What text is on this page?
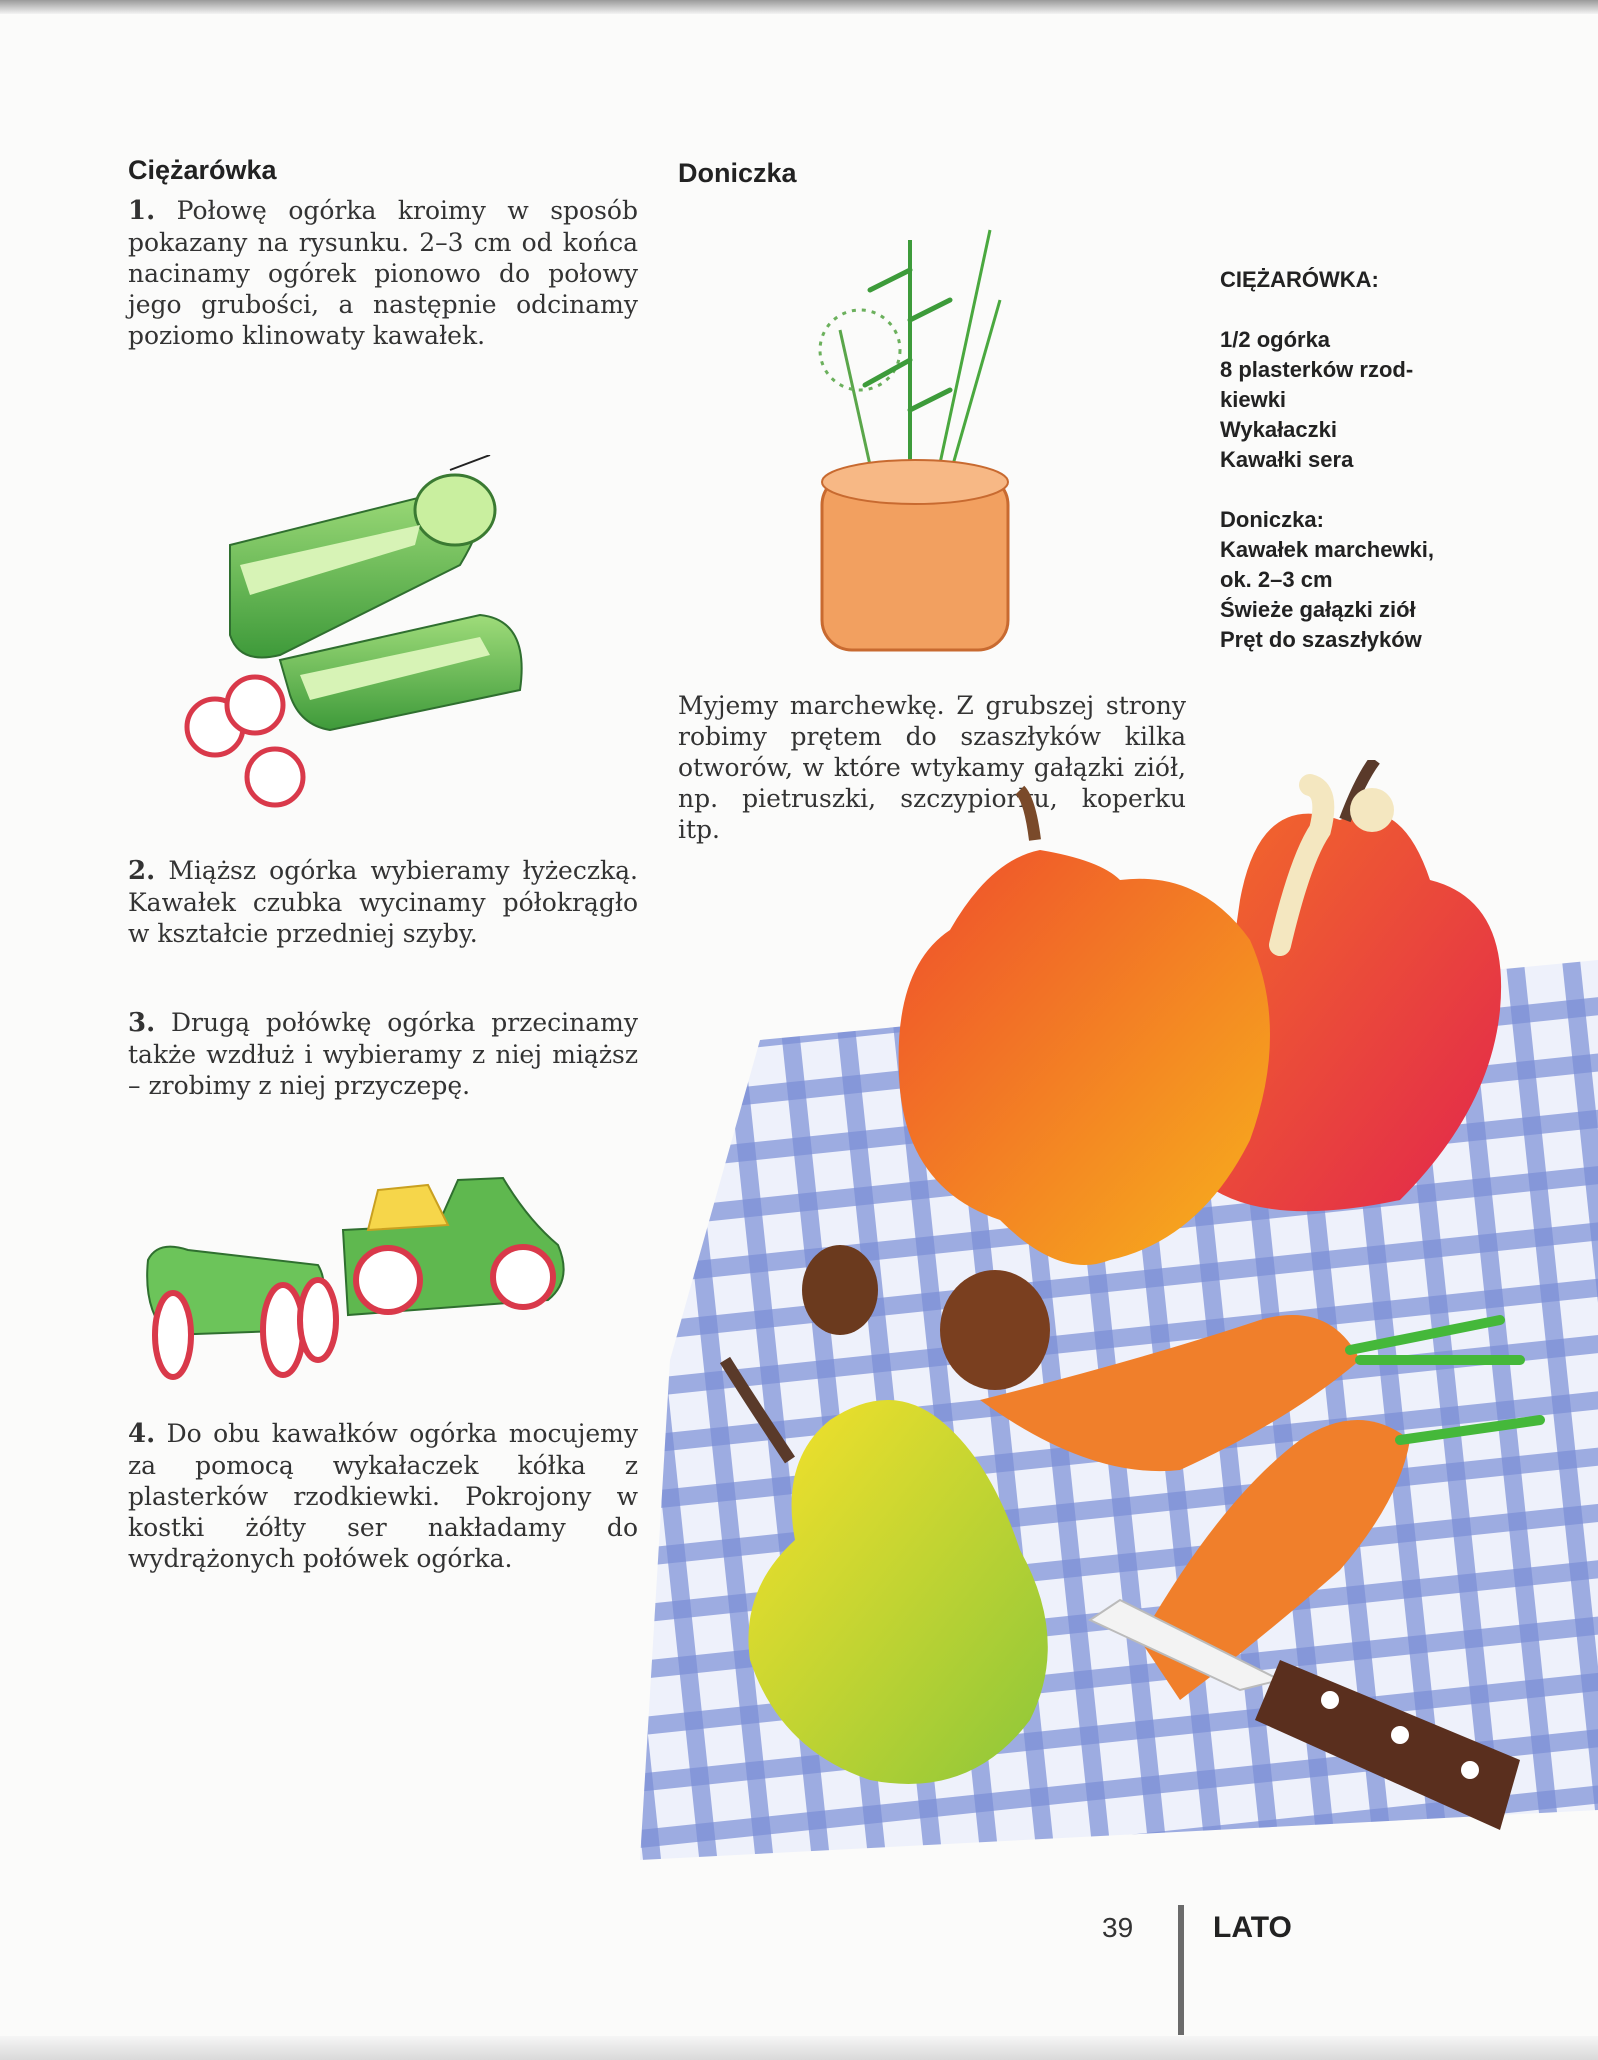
Ciężarówka

1. Połowę ogórka kroimy w sposób pokazany na rysunku. 2–3 cm od końca nacinamy ogórek pionowo do połowy jego grubości, a następnie odcinamy poziomo klinowaty kawałek.

2. Miąższ ogórka wybieramy łyżeczką. Kawałek czubka wycinamy półokrągło w kształcie przedniej szyby.

3. Drugą połówkę ogórka przecinamy także wzdłuż i wybieramy z niej miąższ – zrobimy z niej przyczepę.

4. Do obu kawałków ogórka mocujemy za pomocą wykałaczek kółka z plasterków rzodkiewki. Pokrojony w kostki żółty ser nakładamy do wydrążonych połówek ogórka.

Doniczka

Myjemy marchewkę. Z grubszej strony robimy prętem do szaszłyków kilka otworów, w które wtykamy gałązki ziół, np. pietruszki, szczypiorku, koperku itp.

CIĘŻARÓWKA:
1/2 ogórka
8 plasterków rzod-
kiewki
Wykałaczki
Kawałki sera
Doniczka:
Kawałek marchewki,
ok. 2–3 cm
Świeże gałązki ziół
Pręt do szaszłyków
39	LATO
